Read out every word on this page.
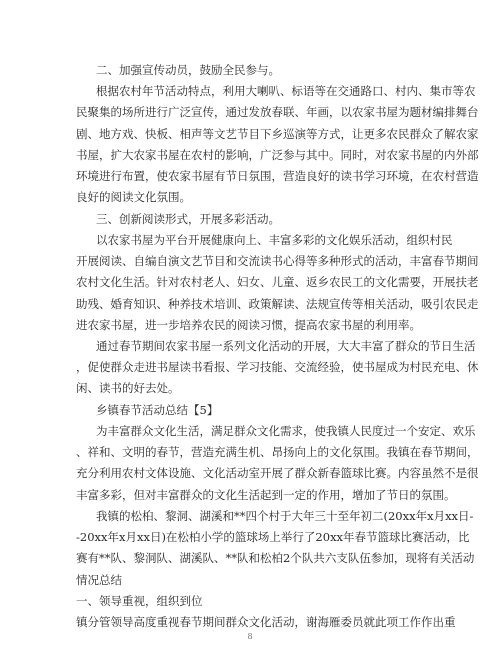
二、加强宣传动员，鼓励全民参与。
根据农村年节活动特点，利用大喇叭、标语等在交通路口、村内、集市等农
民聚集的场所进行广泛宣传，通过发放春联、年画，以农家书屋为题材编排舞台
剧、地方戏、快板、相声等文艺节目下乡巡演等方式，让更多农民群众了解农家
书屋，扩大农家书屋在农村的影响，广泛参与其中。同时，对农家书屋的内外部
环境进行布置，使农家书屋有节日氛围，营造良好的读书学习环境，在农村营造
良好的阅读文化氛围。
三、创新阅读形式，开展多彩活动。
以农家书屋为平台开展健康向上、丰富多彩的文化娱乐活动，组织村民
开展阅读、自编自演文艺节目和交流读书心得等多种形式的活动，丰富春节期间
农村文化生活。针对农村老人、妇女、儿童、返乡农民工的文化需要，开展扶老
助残、婚育知识、种养技术培训、政策解读、法规宣传等相关活动，吸引农民走
进农家书屋，进一步培养农民的阅读习惯，提高农家书屋的利用率。
通过春节期间农家书屋一系列文化活动的开展，大大丰富了群众的节日生活
，促使群众走进书屋读书看报、学习技能、交流经验，使书屋成为村民充电、休
闲、读书的好去处。
乡镇春节活动总结【5】
为丰富群众文化生活，满足群众文化需求，使我镇人民度过一个安定、欢乐
、祥和、文明的春节，营造充满生机、昂扬向上的文化氛围。我镇在春节期间，
充分利用农村文体设施、文化活动室开展了群众新春篮球比赛。内容虽然不是很
丰富多彩，但对丰富群众的文化生活起到一定的作用，增加了节日的氛围。
我镇的松桕、黎洞、湖溪和**四个村于大年三十至年初二(20xx年x月xx日-
-20xx年x月xx日)在松柏小学的篮球场上举行了20xx年春节篮球比赛活动，比
赛有**队、黎洞队、湖溪队、**队和松柏2个队共六支队伍参加，现将有关活动
情况总结
一、领导重视，组织到位
镇分管领导高度重视春节期间群众文化活动，谢海雁委员就此项工作作出重
8
